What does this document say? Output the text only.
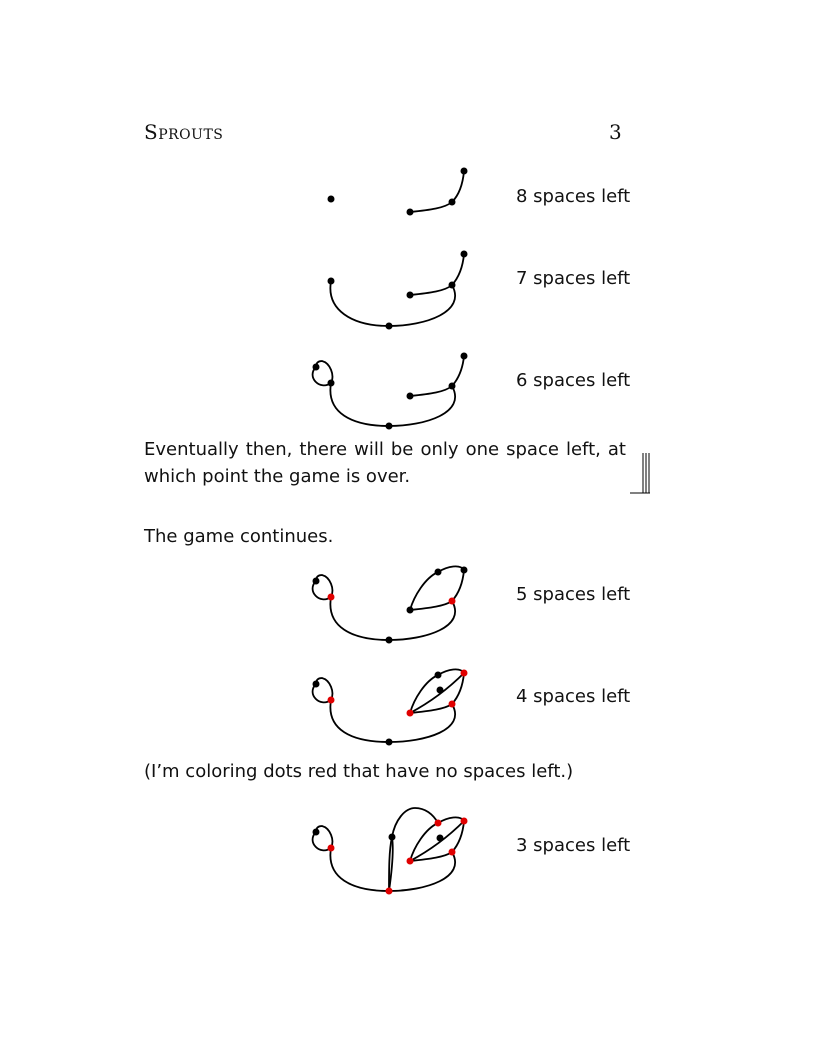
Sprouts	3
8 spaces left
7 spaces left
6 spaces left

Eventually then, there will be only one space left, at which point the game is over.

The game continues.

5 spaces left
4 spaces left

(I’m coloring dots red that have no spaces left.)

3 spaces left
